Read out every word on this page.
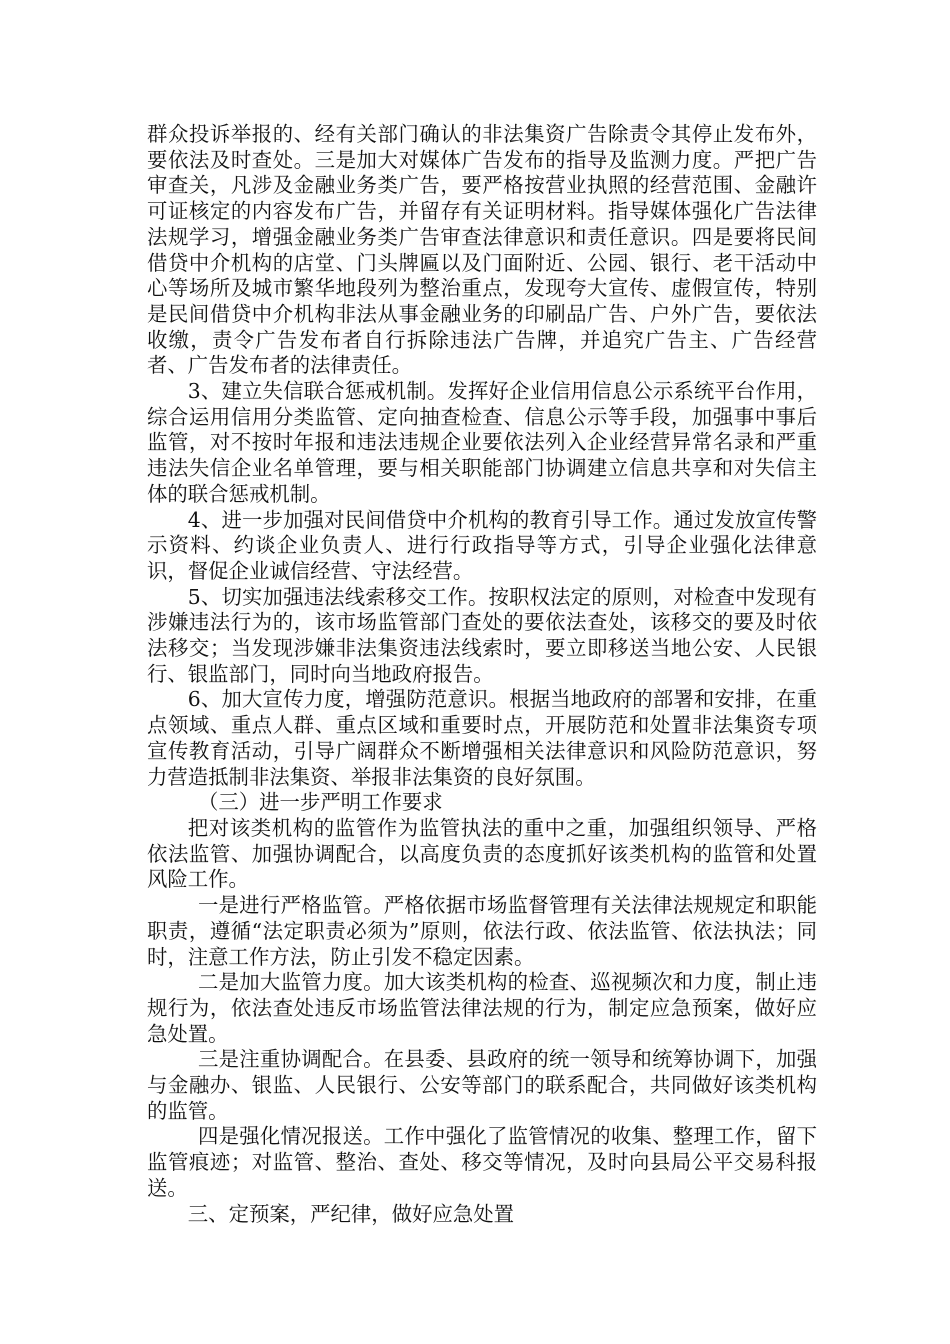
群众投诉举报的、经有关部门确认的非法集资广告除责令其停止发布外，要依法及时查处。三是加大对媒体广告发布的指导及监测力度。严把广告审查关，凡涉及金融业务类广告，要严格按营业执照的经营范围、金融许可证核定的内容发布广告，并留存有关证明材料。指导媒体强化广告法律法规学习，增强金融业务类广告审查法律意识和责任意识。四是要将民间借贷中介机构的店堂、门头牌匾以及门面附近、公园、银行、老干活动中心等场所及城市繁华地段列为整治重点，发现夸大宣传、虚假宣传，特别是民间借贷中介机构非法从事金融业务的印刷品广告、户外广告，要依法收缴，责令广告发布者自行拆除违法广告牌，并追究广告主、广告经营者、广告发布者的法律责任。

3、建立失信联合惩戒机制。发挥好企业信用信息公示系统平台作用，综合运用信用分类监管、定向抽查检查、信息公示等手段，加强事中事后监管，对不按时年报和违法违规企业要依法列入企业经营异常名录和严重违法失信企业名单管理，要与相关职能部门协调建立信息共享和对失信主体的联合惩戒机制。

4、进一步加强对民间借贷中介机构的教育引导工作。通过发放宣传警示资料、约谈企业负责人、进行行政指导等方式，引导企业强化法律意识，督促企业诚信经营、守法经营。

5、切实加强违法线索移交工作。按职权法定的原则，对检查中发现有涉嫌违法行为的，该市场监管部门查处的要依法查处，该移交的要及时依法移交；当发现涉嫌非法集资违法线索时，要立即移送当地公安、人民银行、银监部门，同时向当地政府报告。

6、加大宣传力度，增强防范意识。根据当地政府的部署和安排，在重点领域、重点人群、重点区域和重要时点，开展防范和处置非法集资专项宣传教育活动，引导广阔群众不断增强相关法律意识和风险防范意识，努力营造抵制非法集资、举报非法集资的良好氛围。

（三）进一步严明工作要求

把对该类机构的监管作为监管执法的重中之重，加强组织领导、严格依法监管、加强协调配合，以高度负责的态度抓好该类机构的监管和处置风险工作。

一是进行严格监管。严格依据市场监督管理有关法律法规规定和职能职责，遵循“法定职责必须为”原则，依法行政、依法监管、依法执法；同时，注意工作方法，防止引发不稳定因素。

二是加大监管力度。加大该类机构的检查、巡视频次和力度，制止违规行为，依法查处违反市场监管法律法规的行为，制定应急预案，做好应急处置。

三是注重协调配合。在县委、县政府的统一领导和统筹协调下，加强与金融办、银监、人民银行、公安等部门的联系配合，共同做好该类机构的监管。

四是强化情况报送。工作中强化了监管情况的收集、整理工作，留下监管痕迹；对监管、整治、查处、移交等情况，及时向县局公平交易科报送。

三、定预案，严纪律，做好应急处置
